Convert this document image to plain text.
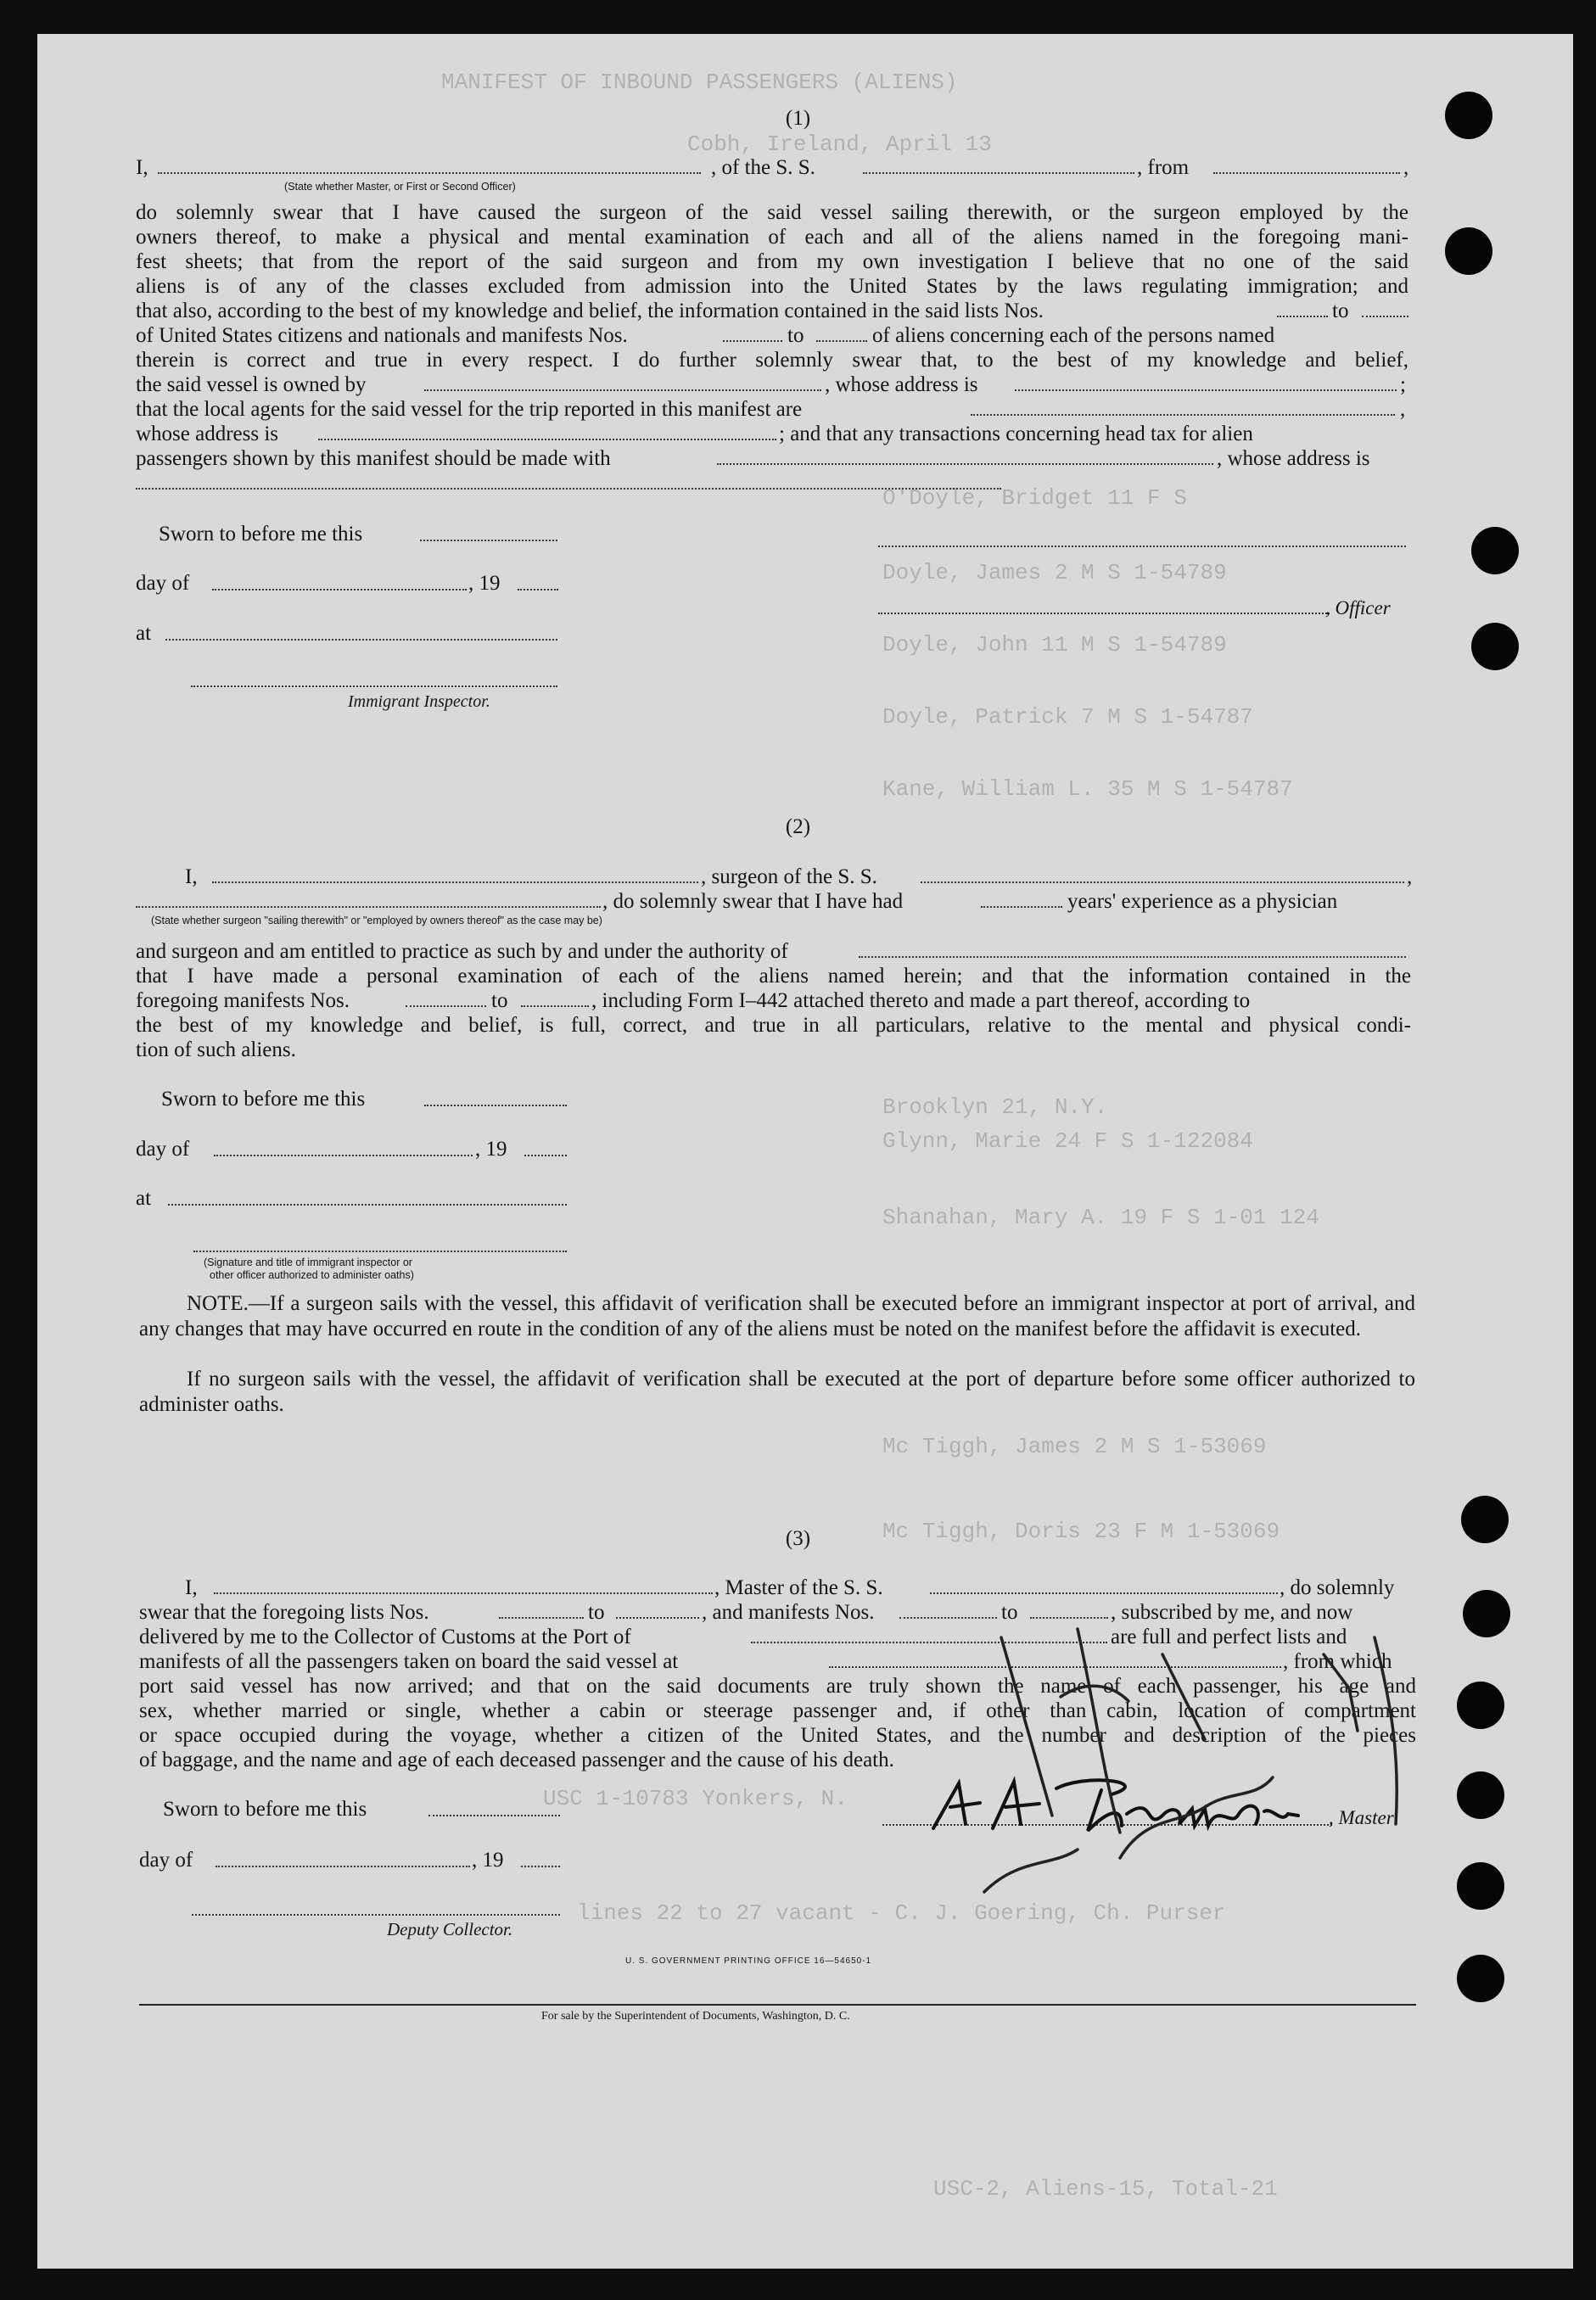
МАNIFEST OF INBOUND PASSENGERS (ALIENS)
Cobh, Ireland, April 13
O'Doyle, Bridget 11 F S
Doyle, James 2 M S 1-54789
Doyle, John 11 M S 1-54789
Doyle, Patrick 7 M S 1-54787
Kane, William L. 35 M S 1-54787
Brooklyn 21, N.Y.
Glynn, Marie 24 F S 1-122084
Shanahan, Mary A. 19 F S 1-01 124
Mc Tiggh, James 2 M S 1-53069
Mc Tiggh, Doris 23 F M 1-53069
USC 1-10783 Yonkers, N.
lines 22 to 27 vacant - C. J. Goering, Ch. Purser
USC-2, Aliens-15, Total-21
(1)
I,
(State whether Master, or First or Second Officer)
, of the S. S.	, from	,
do solemnly swear that I have caused the surgeon of the said vessel sailing therewith, or the surgeon employed by the
owners thereof, to make a physical and mental examination of each and all of the aliens named in the foregoing mani-
fest sheets; that from the report of the said surgeon and from my own investigation I believe that no one of the said
aliens is of any of the classes excluded from admission into the United States by the laws regulating immigration; and
that also, according to the best of my knowledge and belief, the information contained in the said lists Nos.	to
of United States citizens and nationals and manifests Nos.	to	of aliens concerning each of the persons named
therein is correct and true in every respect. I do further solemnly swear that, to the best of my knowledge and belief,
the said vessel is owned by	, whose address is	;
that the local agents for the said vessel for the trip reported in this manifest are	,
whose address is	; and that any transactions concerning head tax for alien
passengers shown by this manifest should be made with	, whose address is
Sworn to before me this
day of	, 19
at
Immigrant Inspector.
, Officer
(2)
I,	, surgeon of the S. S.	,
, do solemnly swear that I have had	years' experience as a physician
(State whether surgeon "sailing therewith" or "employed by owners thereof" as the case may be)
and surgeon and am entitled to practice as such by and under the authority of
that I have made a personal examination of each of the aliens named herein; and that the information contained in the
foregoing manifests Nos.	to	, including Form I–442 attached thereto and made a part thereof, according to
the best of my knowledge and belief, is full, correct, and true in all particulars, relative to the mental and physical condi-
tion of such aliens.
Sworn to before me this
day of	, 19
at
(Signature and title of immigrant inspector or
other officer authorized to administer oaths)
NOTE.—If a surgeon sails with the vessel, this affidavit of verification shall be executed before an immigrant inspector at port of arrival, and any changes that may have occurred en route in the condition of any of the aliens must be noted on the manifest before the affidavit is executed.
If no surgeon sails with the vessel, the affidavit of verification shall be executed at the port of departure before some officer authorized to administer oaths.
(3)
I,	, Master of the S. S.	, do solemnly
swear that the foregoing lists Nos.	to	, and manifests Nos.	to	, subscribed by me, and now
delivered by me to the Collector of Customs at the Port of	are full and perfect lists and
manifests of all the passengers taken on board the said vessel at	, from which
port said vessel has now arrived; and that on the said documents are truly shown the name of each passenger, his age and
sex, whether married or single, whether a cabin or steerage passenger and, if other than cabin, location of compartment
or space occupied during the voyage, whether a citizen of the United States, and the number and description of the pieces
of baggage, and the name and age of each deceased passenger and the cause of his death.
Sworn to before me this
day of	, 19
Deputy Collector.
, Master
U. S. GOVERNMENT PRINTING OFFICE 16—54650-1
For sale by the Superintendent of Documents, Washington, D. C.
